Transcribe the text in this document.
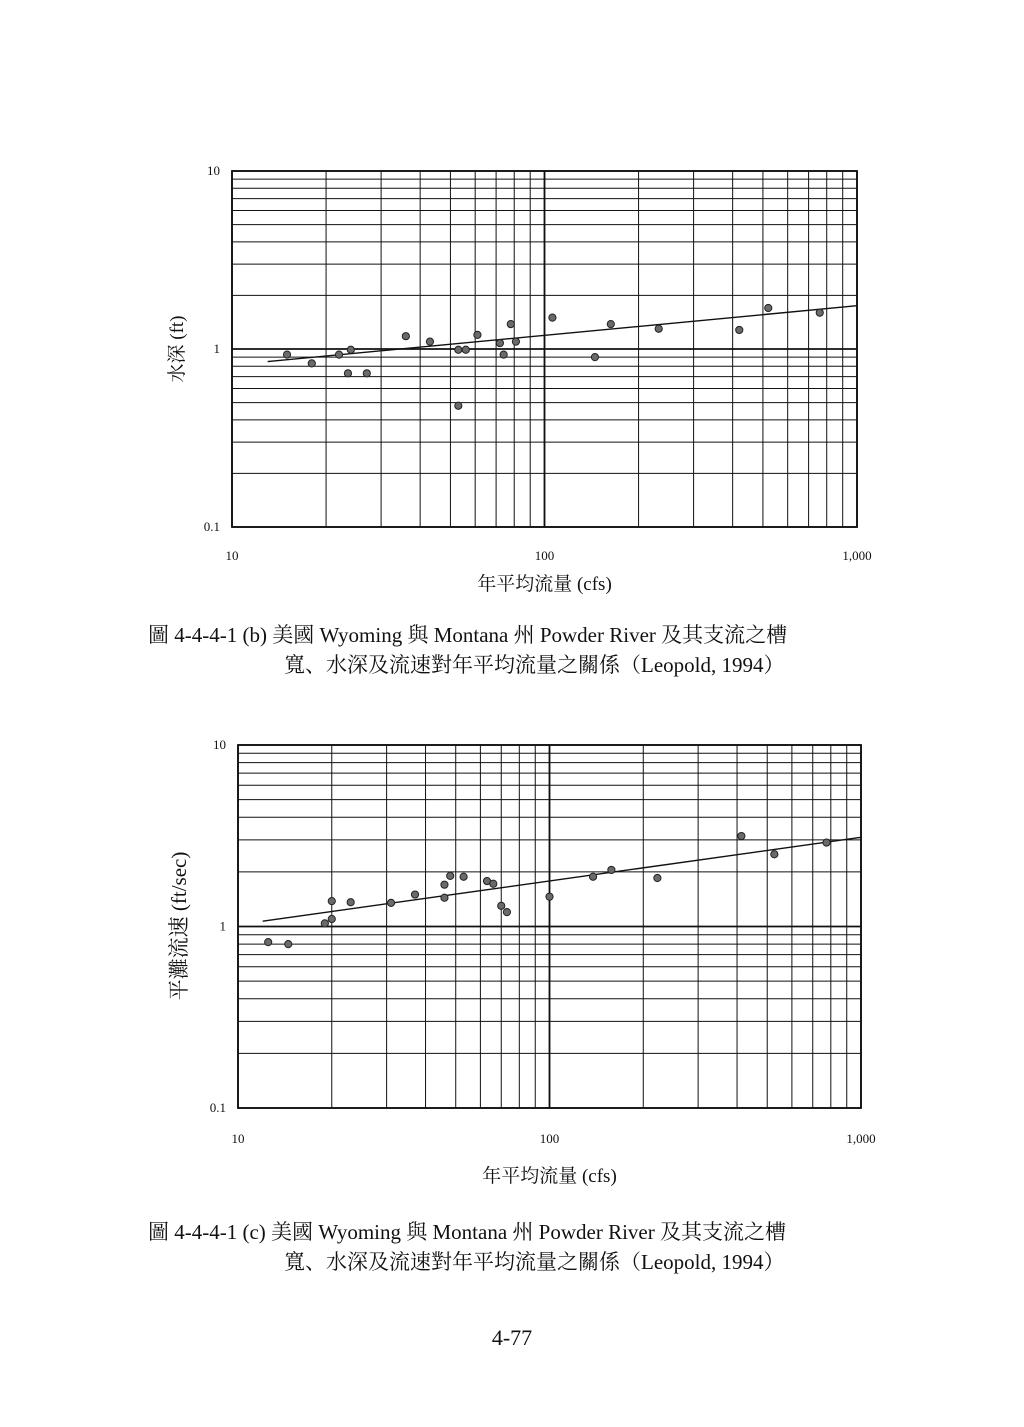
10	100	1,000
10
1
0.1
年平均流量 (cfs)
水深 (ft)
圖 4-4-4-1 (b) 美國 Wyoming 與 Montana 州 Powder River 及其支流之槽
寬、水深及流速對年平均流量之關係（Leopold, 1994）
10	100	1,000
10
1
0.1
年平均流量 (cfs)
平灘流速 (ft/sec)
圖 4-4-4-1 (c) 美國 Wyoming 與 Montana 州 Powder River 及其支流之槽
寬、水深及流速對年平均流量之關係（Leopold, 1994）
4-77
